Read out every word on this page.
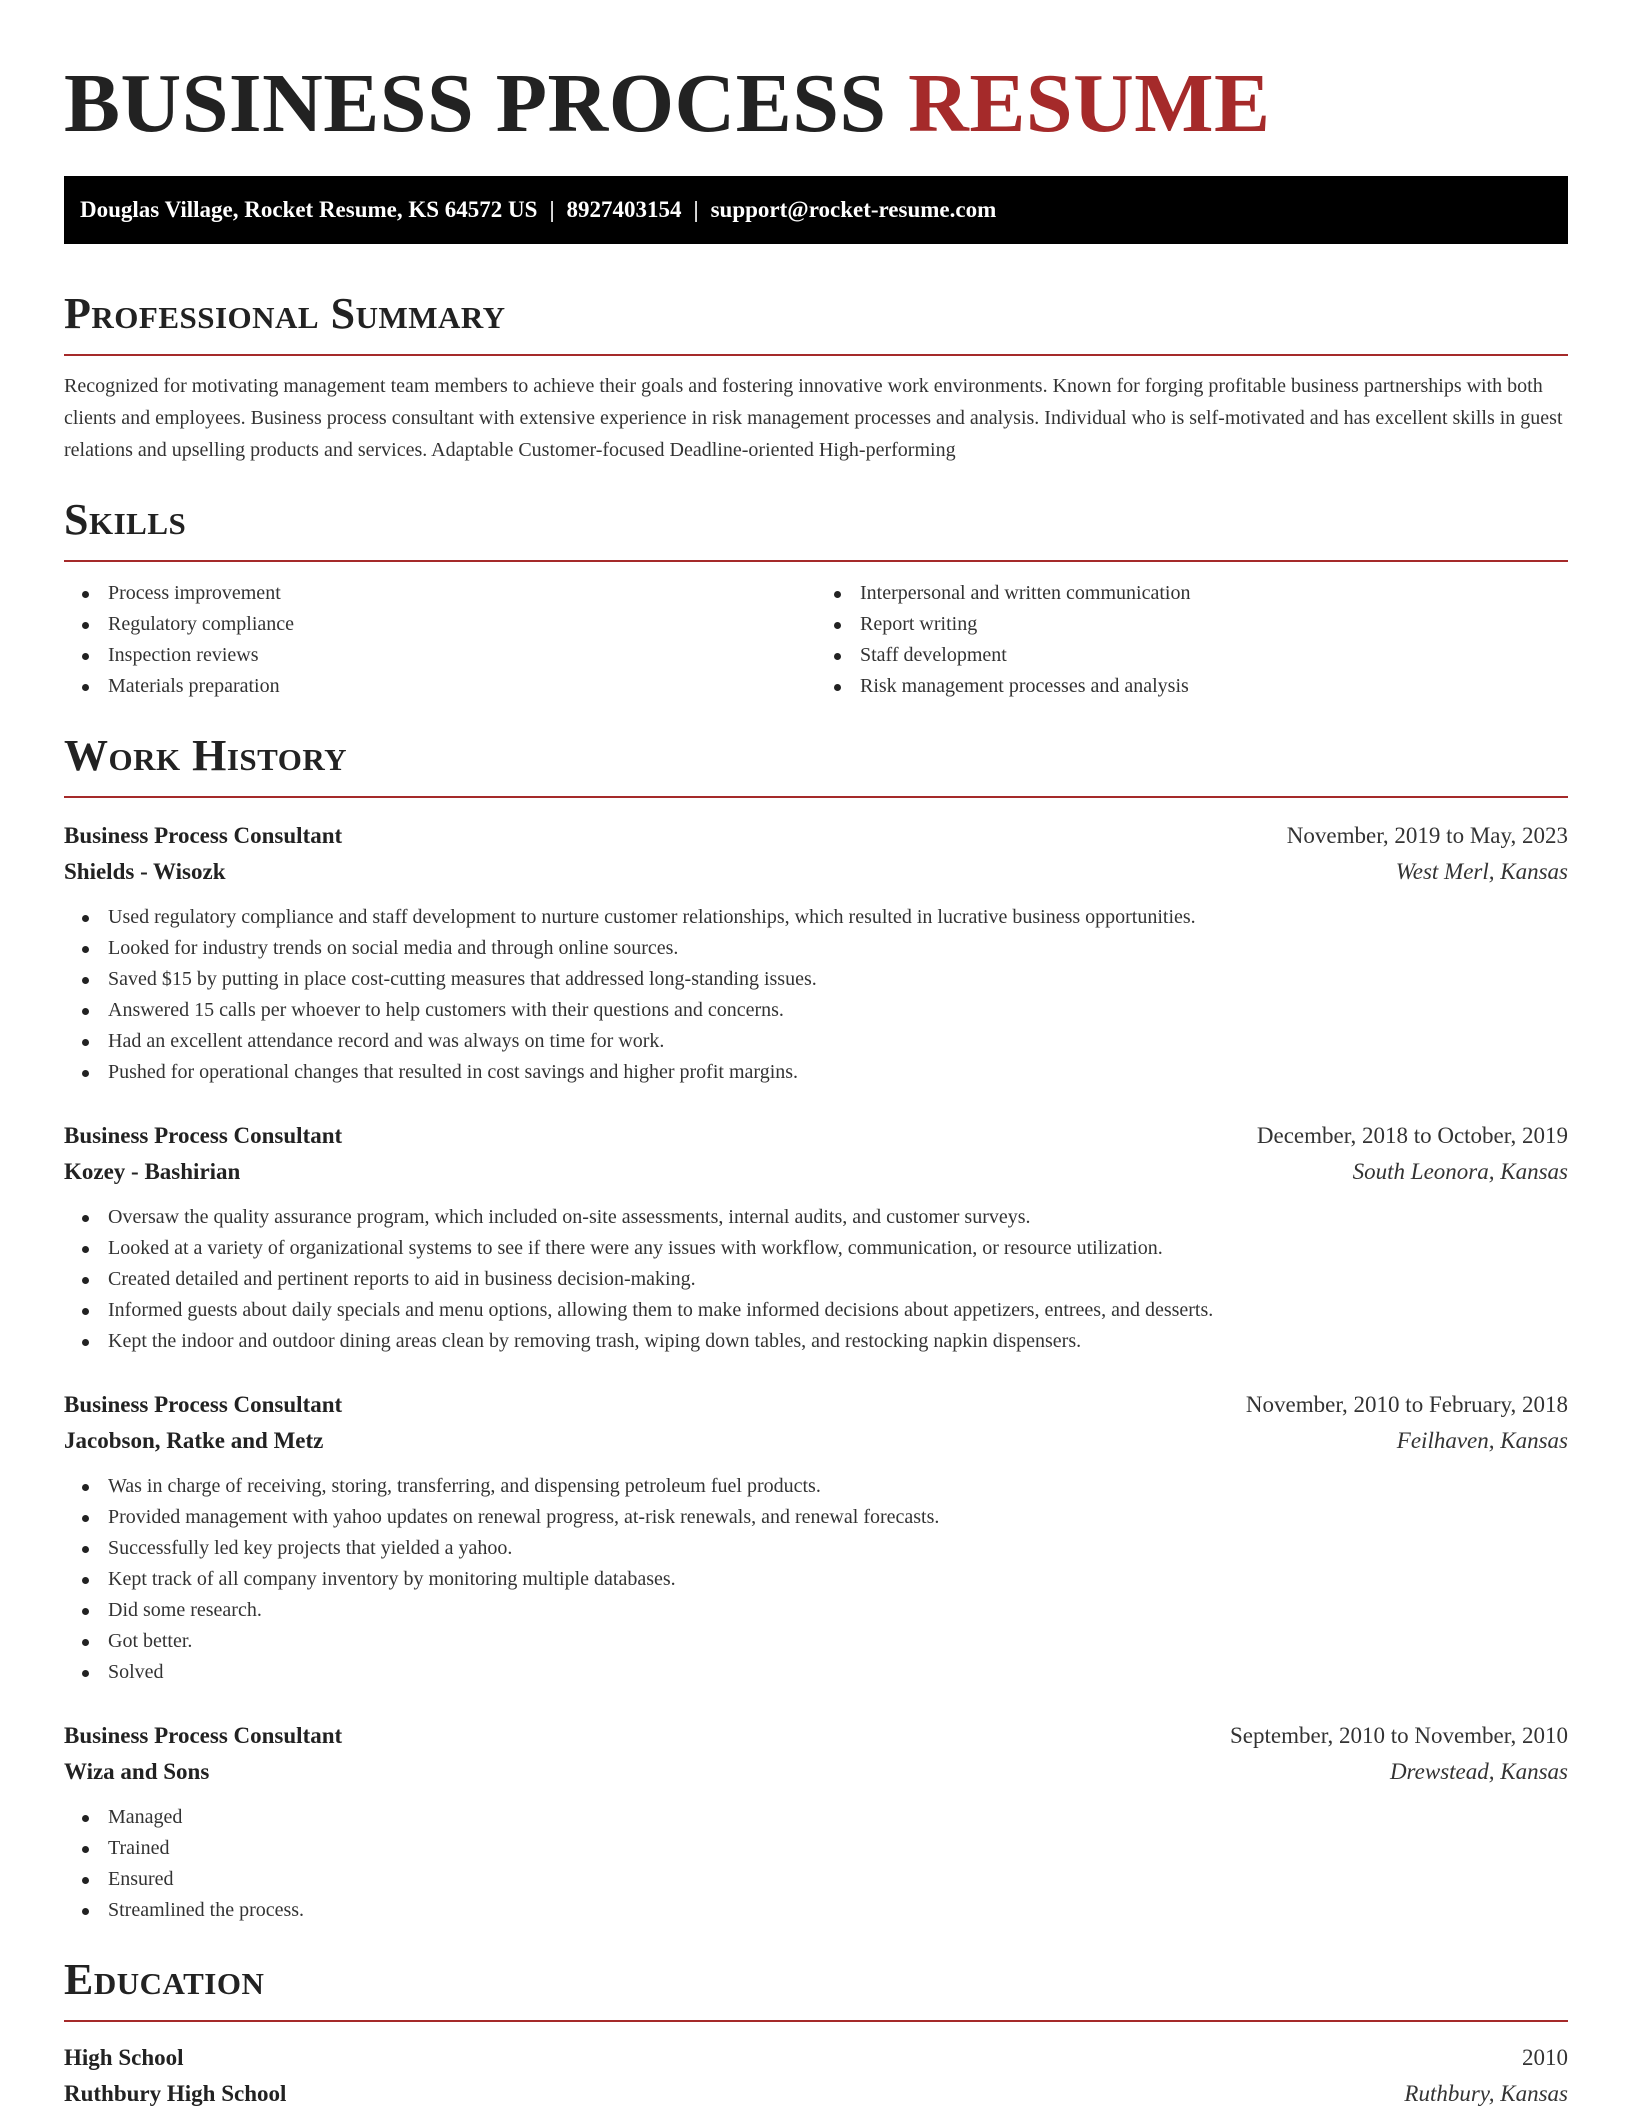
BUSINESS PROCESS RESUME
Douglas Village, Rocket Resume, KS 64572 US | 8927403154 | support@rocket-resume.com
Professional Summary

Recognized for motivating management team members to achieve their goals and fostering innovative work environments. Known for forging profitable business partnerships with both clients and employees. Business process consultant with extensive experience in risk management processes and analysis. Individual who is self-motivated and has excellent skills in guest relations and upselling products and services. Adaptable Customer-focused Deadline-oriented High-performing

Skills
Process improvement
Regulatory compliance
Inspection reviews
Materials preparation
Interpersonal and written communication
Report writing
Staff development
Risk management processes and analysis
Work History
Business Process Consultant	November, 2019 to May, 2023
Shields - Wisozk	West Merl, Kansas
Used regulatory compliance and staff development to nurture customer relationships, which resulted in lucrative business opportunities.
Looked for industry trends on social media and through online sources.
Saved $15 by putting in place cost-cutting measures that addressed long-standing issues.
Answered 15 calls per whoever to help customers with their questions and concerns.
Had an excellent attendance record and was always on time for work.
Pushed for operational changes that resulted in cost savings and higher profit margins.
Business Process Consultant	December, 2018 to October, 2019
Kozey - Bashirian	South Leonora, Kansas
Oversaw the quality assurance program, which included on-site assessments, internal audits, and customer surveys.
Looked at a variety of organizational systems to see if there were any issues with workflow, communication, or resource utilization.
Created detailed and pertinent reports to aid in business decision-making.
Informed guests about daily specials and menu options, allowing them to make informed decisions about appetizers, entrees, and desserts.
Kept the indoor and outdoor dining areas clean by removing trash, wiping down tables, and restocking napkin dispensers.
Business Process Consultant	November, 2010 to February, 2018
Jacobson, Ratke and Metz	Feilhaven, Kansas
Was in charge of receiving, storing, transferring, and dispensing petroleum fuel products.
Provided management with yahoo updates on renewal progress, at-risk renewals, and renewal forecasts.
Successfully led key projects that yielded a yahoo.
Kept track of all company inventory by monitoring multiple databases.
Did some research.
Got better.
Solved
Business Process Consultant	September, 2010 to November, 2010
Wiza and Sons	Drewstead, Kansas
Managed
Trained
Ensured
Streamlined the process.
Education
High School	2010
Ruthbury High School	Ruthbury, Kansas
